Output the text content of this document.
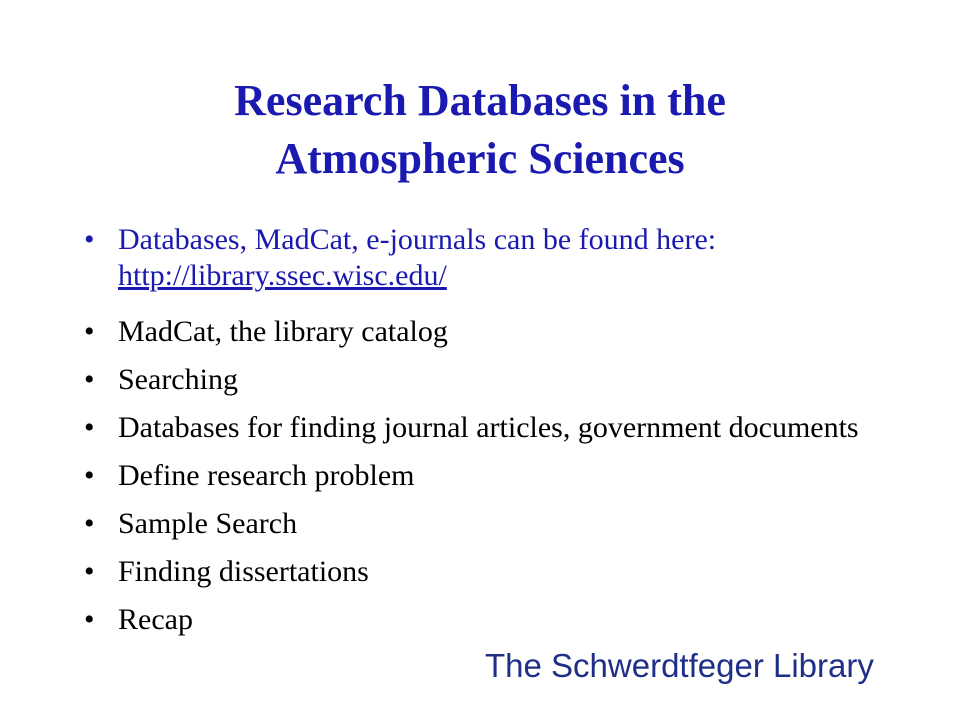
Research Databases in the
Atmospheric Sciences
• Databases, MadCat, e-journals can be found here:
http://library.ssec.wisc.edu/
• MadCat, the library catalog
• Searching
• Databases for finding journal articles, government documents
• Define research problem
• Sample Search
• Finding dissertations
• Recap
The Schwerdtfeger Library
